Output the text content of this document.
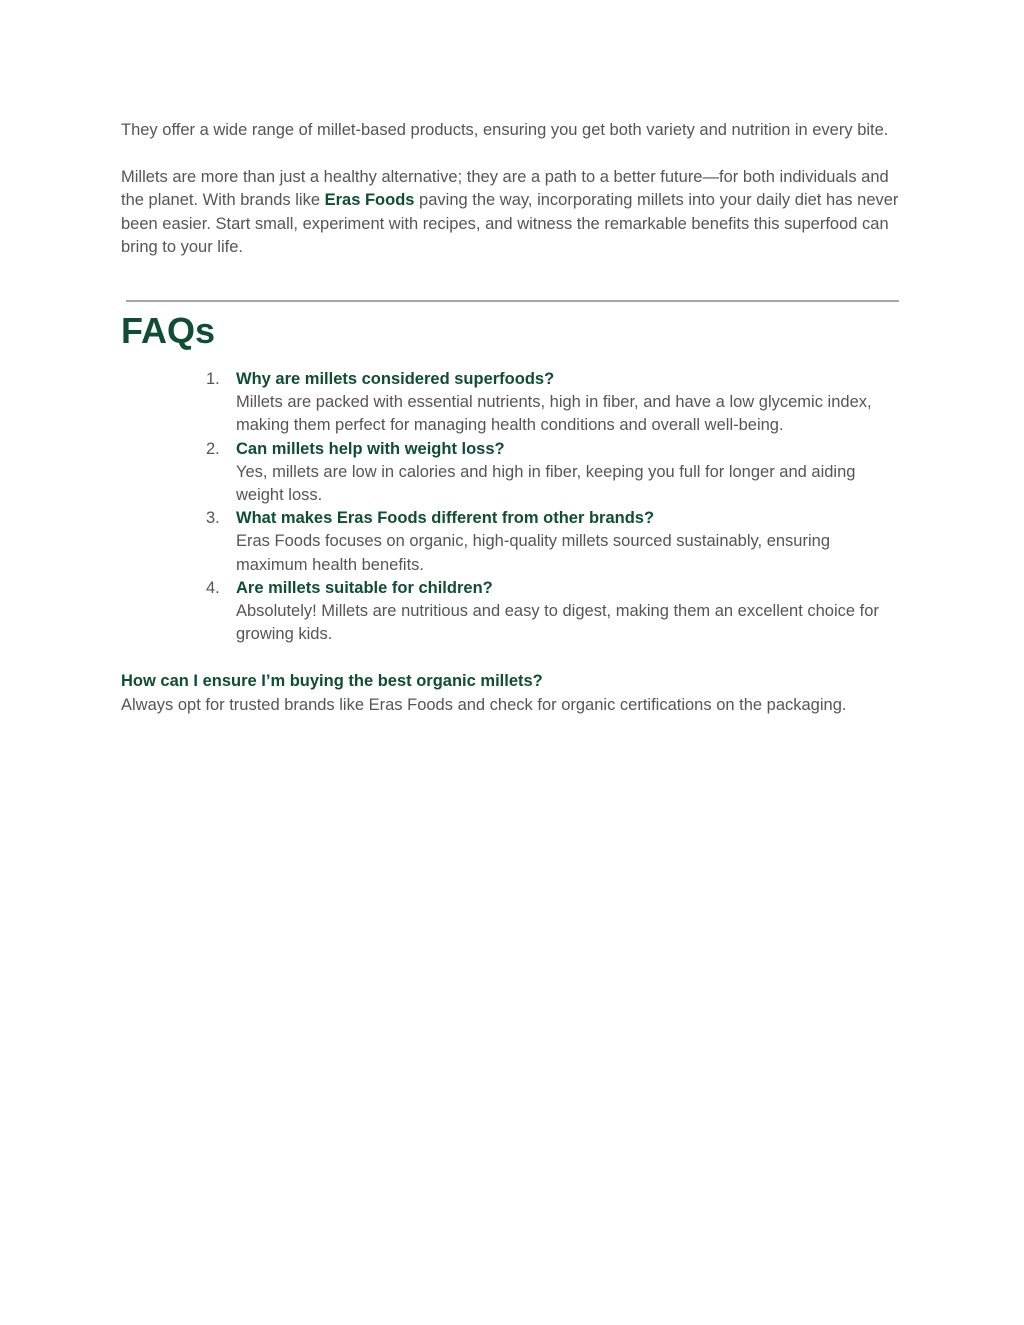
They offer a wide range of millet-based products, ensuring you get both variety and nutrition in every bite.

Millets are more than just a healthy alternative; they are a path to a better future—for both individuals and the planet. With brands like Eras Foods paving the way, incorporating millets into your daily diet has never been easier. Start small, experiment with recipes, and witness the remarkable benefits this superfood can bring to your life.

FAQs
1. Why are millets considered superfoods?
Millets are packed with essential nutrients, high in fiber, and have a low glycemic index, making them perfect for managing health conditions and overall well-being.
2. Can millets help with weight loss?
Yes, millets are low in calories and high in fiber, keeping you full for longer and aiding weight loss.
3. What makes Eras Foods different from other brands?
Eras Foods focuses on organic, high-quality millets sourced sustainably, ensuring maximum health benefits.
4. Are millets suitable for children?
Absolutely! Millets are nutritious and easy to digest, making them an excellent choice for growing kids.
How can I ensure I’m buying the best organic millets?
Always opt for trusted brands like Eras Foods and check for organic certifications on the packaging.
